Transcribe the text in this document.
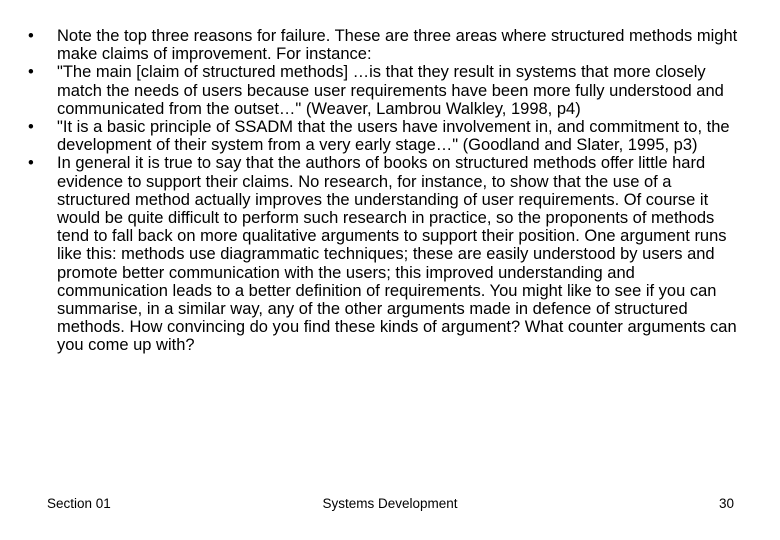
• Note the top three reasons for failure. These are three areas where structured methods might make claims of improvement. For instance:
• "The main [claim of structured methods] …is that they result in systems that more closely match the needs of users because user requirements have been more fully understood and communicated from the outset…" (Weaver, Lambrou Walkley, 1998, p4)
• "It is a basic principle of SSADM that the users have involvement in, and commitment to, the development of their system from a very early stage…" (Goodland and Slater, 1995, p3)
• In general it is true to say that the authors of books on structured methods offer little hard evidence to support their claims. No research, for instance, to show that the use of a structured method actually improves the understanding of user requirements. Of course it would be quite difficult to perform such research in practice, so the proponents of methods tend to fall back on more qualitative arguments to support their position. One argument runs like this: methods use diagrammatic techniques; these are easily understood by users and promote better communication with the users; this improved understanding and communication leads to a better definition of requirements. You might like to see if you can summarise, in a similar way, any of the other arguments made in defence of structured methods. How convincing do you find these kinds of argument? What counter arguments can you come up with?
Section 01	Systems Development	30
